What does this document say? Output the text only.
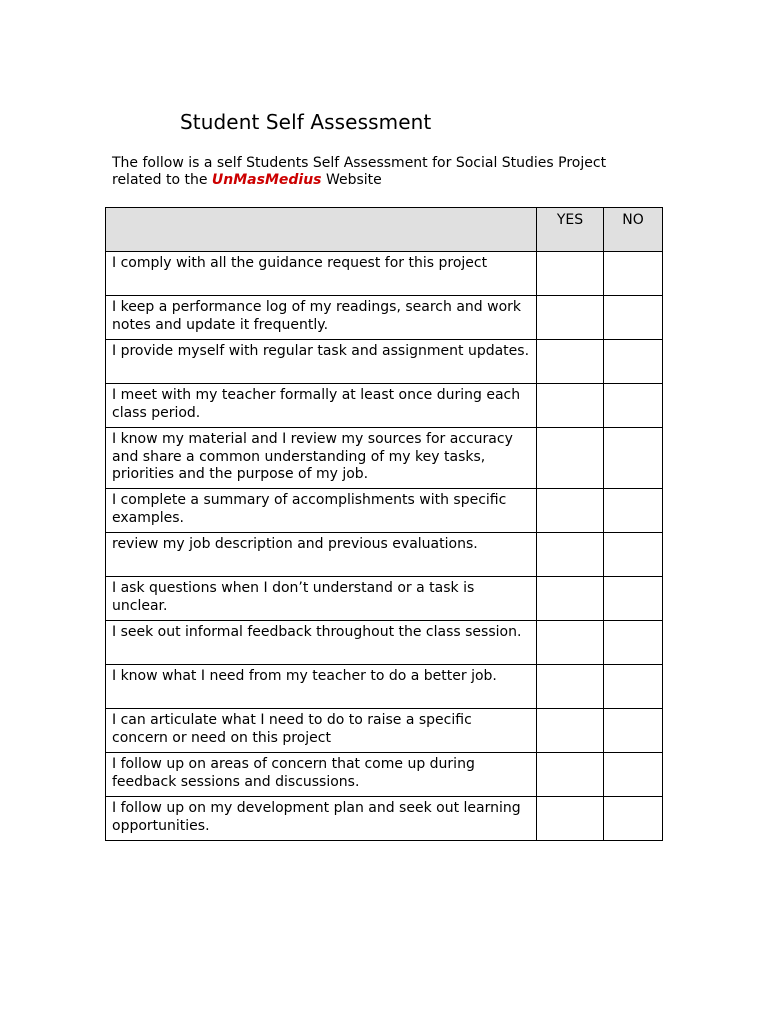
Student Self Assessment
The follow is a self Students Self Assessment for Social Studies Project related to the UnMasMedius Website
	YES	NO
I comply with all the guidance request for this project		
I keep a performance log of my readings, search and work notes and update it frequently.		
I provide myself with regular task and assignment updates.		
I meet with my teacher formally at least once during each class period.		
I know my material and I review my sources for accuracy and share a common understanding of my key tasks, priorities and the purpose of my job.		
I complete a summary of accomplishments with specific examples.		
review my job description and previous evaluations.		
I ask questions when I don’t understand or a task is unclear.		
I seek out informal feedback throughout the class session.		
I know what I need from my teacher to do a better job.		
I can articulate what I need to do to raise a specific concern or need on this project		
I follow up on areas of concern that come up during feedback sessions and discussions.		
I follow up on my development plan and seek out learning opportunities.		
